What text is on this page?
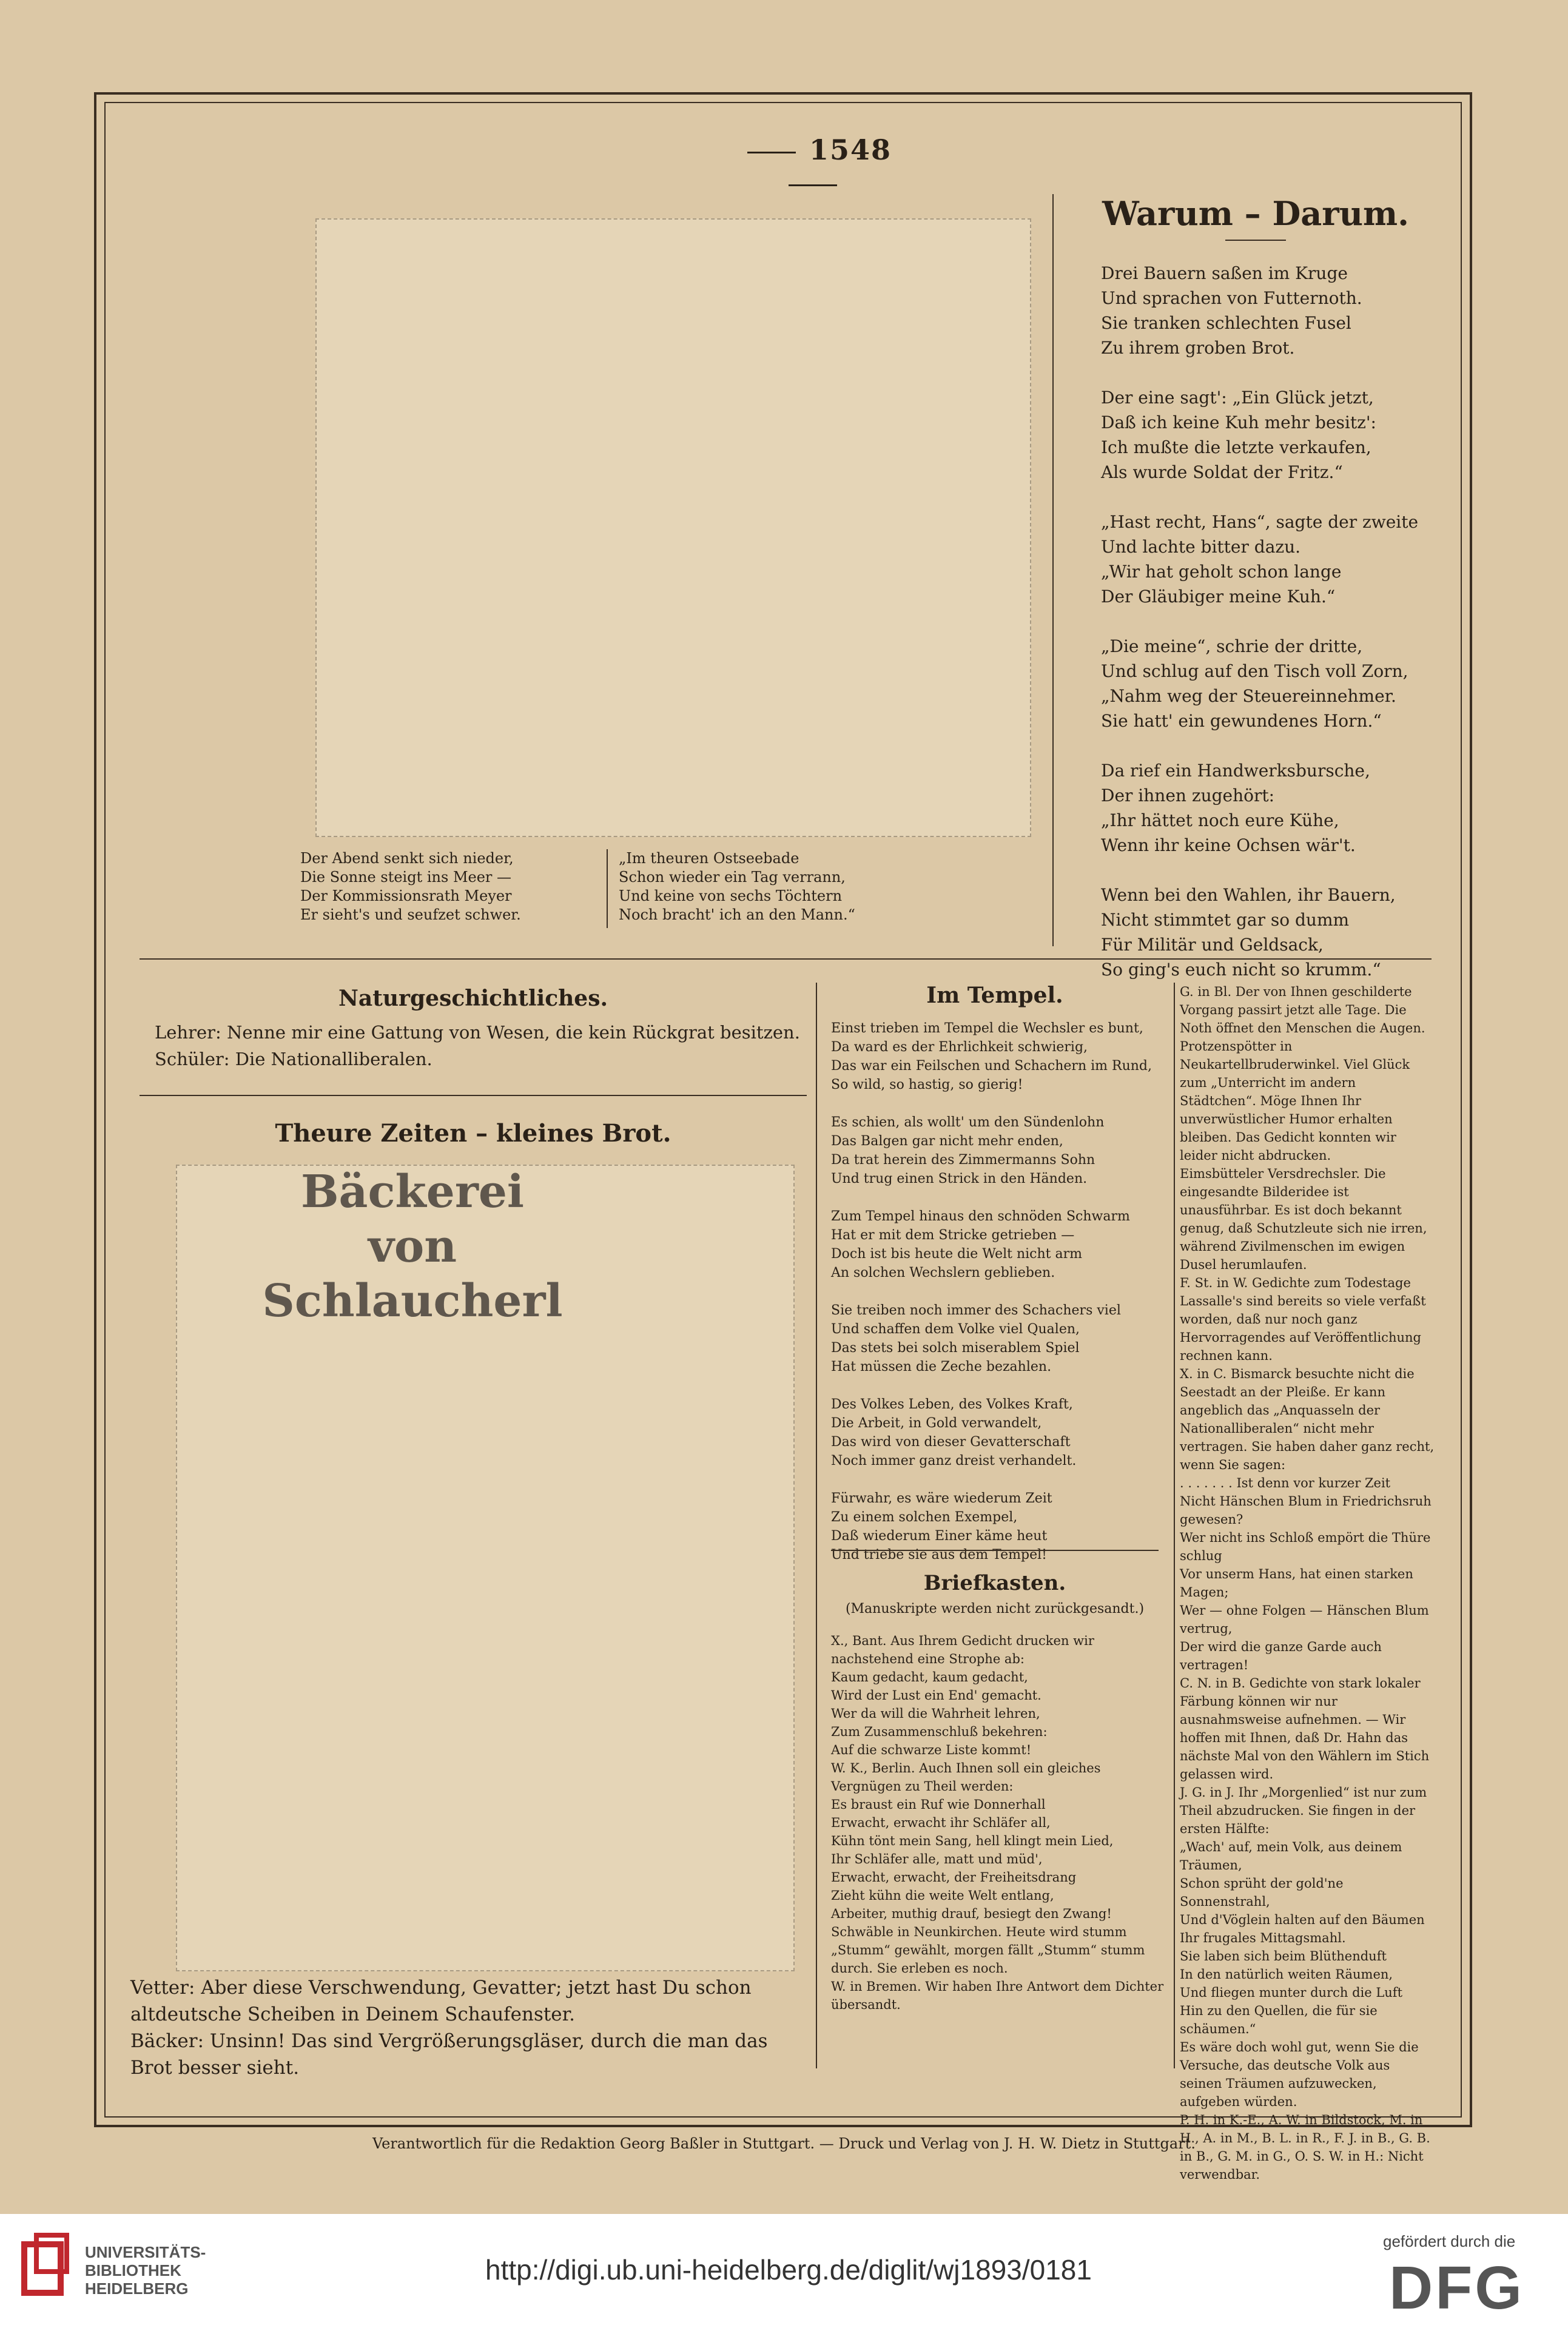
1548
Der Abend senkt sich nieder,
Die Sonne steigt ins Meer —
Der Kommissionsrath Meyer
Er sieht's und seufzet schwer.
„Im theuren Ostseebade
Schon wieder ein Tag verrann,
Und keine von sechs Töchtern
Noch bracht' ich an den Mann.“
Warum – Darum.
Drei Bauern saßen im Kruge
Und sprachen von Futternoth.
Sie tranken schlechten Fusel
Zu ihrem groben Brot.

Der eine sagt': „Ein Glück jetzt,
Daß ich keine Kuh mehr besitz':
Ich mußte die letzte verkaufen,
Als wurde Soldat der Fritz.“

„Hast recht, Hans“, sagte der zweite
Und lachte bitter dazu.
„Wir hat geholt schon lange
Der Gläubiger meine Kuh.“

„Die meine“, schrie der dritte,
Und schlug auf den Tisch voll Zorn,
„Nahm weg der Steuereinnehmer.
Sie hatt' ein gewundenes Horn.“

Da rief ein Handwerksbursche,
Der ihnen zugehört:
„Ihr hättet noch eure Kühe,
Wenn ihr keine Ochsen wär't.

Wenn bei den Wahlen, ihr Bauern,
Nicht stimmtet gar so dumm
Für Militär und Geldsack,
So ging's euch nicht so krumm.“
Naturgeschichtliches.
Lehrer: Nenne mir eine Gattung von Wesen, die kein Rückgrat besitzen.
Schüler: Die Nationalliberalen.
Theure Zeiten – kleines Brot.
Bäckerei von Schlaucherl
Vetter: Aber diese Verschwendung, Gevatter; jetzt hast Du schon altdeutsche Scheiben in Deinem Schaufenster.
Bäcker: Unsinn! Das sind Vergrößerungsgläser, durch die man das Brot besser sieht.
Im Tempel.
Einst trieben im Tempel die Wechsler es bunt,
Da ward es der Ehrlichkeit schwierig,
Das war ein Feilschen und Schachern im Rund,
So wild, so hastig, so gierig!

Es schien, als wollt' um den Sündenlohn
Das Balgen gar nicht mehr enden,
Da trat herein des Zimmermanns Sohn
Und trug einen Strick in den Händen.

Zum Tempel hinaus den schnöden Schwarm
Hat er mit dem Stricke getrieben —
Doch ist bis heute die Welt nicht arm
An solchen Wechslern geblieben.

Sie treiben noch immer des Schachers viel
Und schaffen dem Volke viel Qualen,
Das stets bei solch miserablem Spiel
Hat müssen die Zeche bezahlen.

Des Volkes Leben, des Volkes Kraft,
Die Arbeit, in Gold verwandelt,
Das wird von dieser Gevatterschaft
Noch immer ganz dreist verhandelt.

Fürwahr, es wäre wiederum Zeit
Zu einem solchen Exempel,
Daß wiederum Einer käme heut
Und triebe sie aus dem Tempel!
Briefkasten.
(Manuskripte werden nicht zurückgesandt.)
X., Bant. Aus Ihrem Gedicht drucken wir nachstehend eine Strophe ab:
Kaum gedacht, kaum gedacht,
Wird der Lust ein End' gemacht.
Wer da will die Wahrheit lehren,
Zum Zusammenschluß bekehren:
Auf die schwarze Liste kommt!
W. K., Berlin. Auch Ihnen soll ein gleiches Vergnügen zu Theil werden:
Es braust ein Ruf wie Donnerhall
Erwacht, erwacht ihr Schläfer all,
Kühn tönt mein Sang, hell klingt mein Lied,
Ihr Schläfer alle, matt und müd',
Erwacht, erwacht, der Freiheitsdrang
Zieht kühn die weite Welt entlang,
Arbeiter, muthig drauf, besiegt den Zwang!
Schwäble in Neunkirchen. Heute wird stumm „Stumm“ gewählt, morgen fällt „Stumm“ stumm durch. Sie erleben es noch.
W. in Bremen. Wir haben Ihre Antwort dem Dichter übersandt.
G. in Bl. Der von Ihnen geschilderte Vorgang passirt jetzt alle Tage. Die Noth öffnet den Menschen die Augen.
Protzenspötter in Neukartellbruderwinkel. Viel Glück zum „Unterricht im andern Städtchen“. Möge Ihnen Ihr unverwüstlicher Humor erhalten bleiben. Das Gedicht konnten wir leider nicht abdrucken.
Eimsbütteler Versdrechsler. Die eingesandte Bilderidee ist unausführbar. Es ist doch bekannt genug, daß Schutzleute sich nie irren, während Zivilmenschen im ewigen Dusel herumlaufen.
F. St. in W. Gedichte zum Todestage Lassalle's sind bereits so viele verfaßt worden, daß nur noch ganz Hervorragendes auf Veröffentlichung rechnen kann.
X. in C. Bismarck besuchte nicht die Seestadt an der Pleiße. Er kann angeblich das „Anquasseln der Nationalliberalen“ nicht mehr vertragen. Sie haben daher ganz recht, wenn Sie sagen:
. . . . . . . Ist denn vor kurzer Zeit
Nicht Hänschen Blum in Friedrichsruh gewesen?
Wer nicht ins Schloß empört die Thüre schlug
Vor unserm Hans, hat einen starken Magen;
Wer — ohne Folgen — Hänschen Blum vertrug,
Der wird die ganze Garde auch vertragen!
C. N. in B. Gedichte von stark lokaler Färbung können wir nur ausnahmsweise aufnehmen. — Wir hoffen mit Ihnen, daß Dr. Hahn das nächste Mal von den Wählern im Stich gelassen wird.
J. G. in J. Ihr „Morgenlied“ ist nur zum Theil abzudrucken. Sie fingen in der ersten Hälfte:
„Wach' auf, mein Volk, aus deinem Träumen,
Schon sprüht der gold'ne Sonnenstrahl,
Und d'Vöglein halten auf den Bäumen
Ihr frugales Mittagsmahl.
Sie laben sich beim Blüthenduft
In den natürlich weiten Räumen,
Und fliegen munter durch die Luft
Hin zu den Quellen, die für sie schäumen.“
Es wäre doch wohl gut, wenn Sie die Versuche, das deutsche Volk aus seinen Träumen aufzuwecken, aufgeben würden.
P. H. in K.-E., A. W. in Bildstock, M. in H., A. in M., B. L. in R., F. J. in B., G. B. in B., G. M. in G., O. S. W. in H.: Nicht verwendbar.
Verantwortlich für die Redaktion Georg Baßler in Stuttgart. — Druck und Verlag von J. H. W. Dietz in Stuttgart.
UNIVERSITÄTS-
BIBLIOTHEK
HEIDELBERG
http://digi.ub.uni-heidelberg.de/diglit/wj1893/0181
gefördert durch die
DFG
